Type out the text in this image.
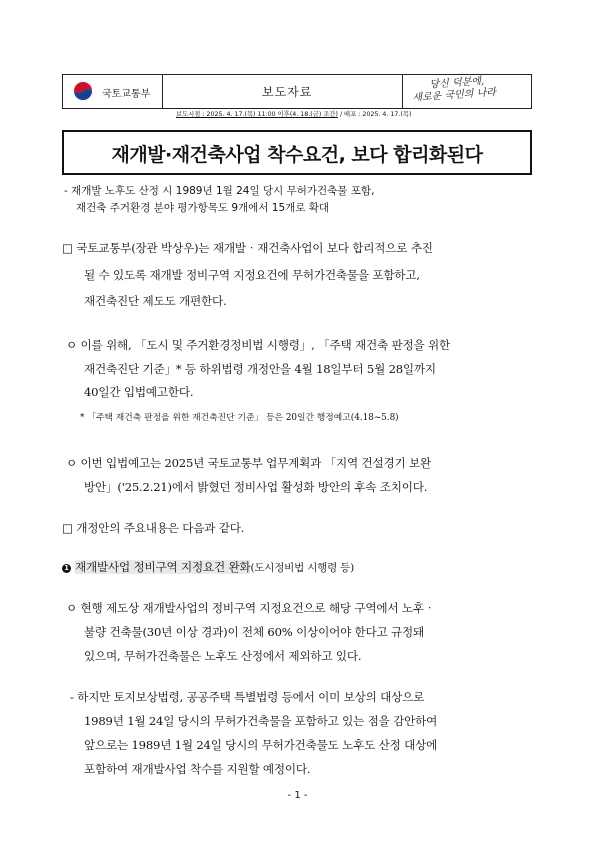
국토교통부	보도자료
당신 덕분에,
새로운 국민의 나라
보도시점 : 2025. 4. 17.(목) 11:00 이후(4. 18.(금) 조간) / 배포 : 2025. 4. 17.(목)
재개발·재건축사업 착수요건, 보다 합리화된다
- 재개발 노후도 산정 시 1989년 1월 24일 당시 무허가건축물 포함,
재건축 주거환경 분야 평가항목도 9개에서 15개로 확대
□ 국토교통부(장관 박상우)는 재개발‧재건축사업이 보다 합리적으로 추진
될 수 있도록 재개발 정비구역 지정요건에 무허가건축물을 포함하고,
재건축진단 제도도 개편한다.
ㅇ 이를 위해, 「도시 및 주거환경정비법 시행령」, 「주택 재건축 판정을 위한
재건축진단 기준」* 등 하위법령 개정안을 4월 18일부터 5월 28일까지
40일간 입법예고한다.
* 「주택 재건축 판정을 위한 재건축진단 기준」 등은 20일간 행정예고(4.18~5.8)
ㅇ 이번 입법예고는 2025년 국토교통부 업무계획과 「지역 건설경기 보완
방안」('25.2.21)에서 밝혔던 정비사업 활성화 방안의 후속 조치이다.
□ 개정안의 주요내용은 다음과 같다.
1 재개발사업 정비구역 지정요건 완화(도시정비법 시행령 등)
ㅇ 현행 제도상 재개발사업의 정비구역 지정요건으로 해당 구역에서 노후‧
불량 건축물(30년 이상 경과)이 전체 60% 이상이어야 한다고 규정돼
있으며, 무허가건축물은 노후도 산정에서 제외하고 있다.
- 하지만 토지보상법령, 공공주택 특별법령 등에서 이미 보상의 대상으로
1989년 1월 24일 당시의 무허가건축물을 포함하고 있는 점을 감안하여
앞으로는 1989년 1월 24일 당시의 무허가건축물도 노후도 산정 대상에
포함하여 재개발사업 착수를 지원할 예정이다.
- 1 -
